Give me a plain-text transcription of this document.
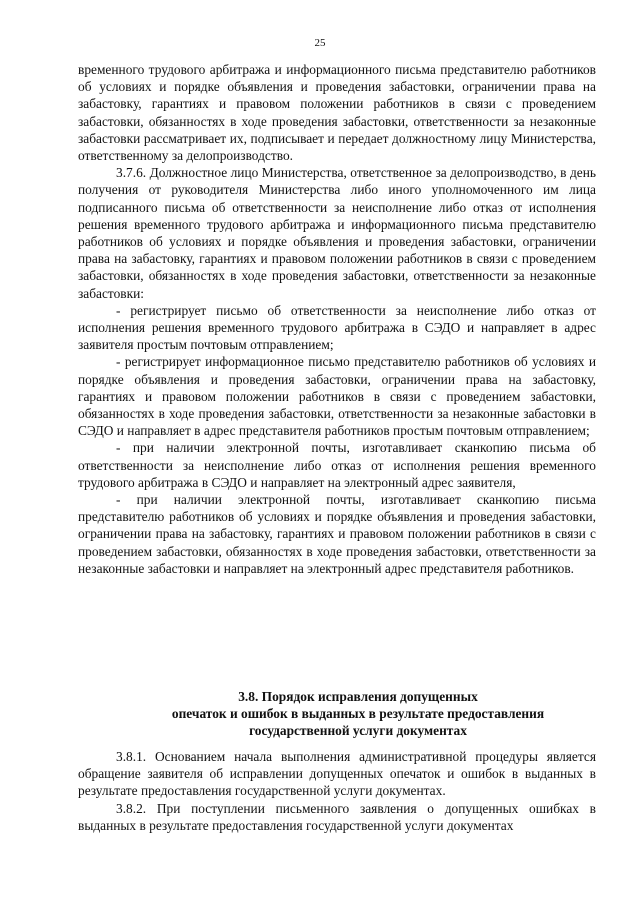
25

временного трудового арбитража и информационного письма представителю работников об условиях и порядке объявления и проведения забастовки, ограничении права на забастовку, гарантиях и правовом положении работников в связи с проведением забастовки, обязанностях в ходе проведения забастовки, ответственности за незаконные забастовки рассматривает их, подписывает и передает должностному лицу Министерства, ответственному за делопроизводство.

3.7.6. Должностное лицо Министерства, ответственное за делопроизводство, в день получения от руководителя Министерства либо иного уполномоченного им лица подписанного письма об ответственности за неисполнение либо отказ от исполнения решения временного трудового арбитража и информационного письма представителю работников об условиях и порядке объявления и проведения забастовки, ограничении права на забастовку, гарантиях и правовом положении работников в связи с проведением забастовки, обязанностях в ходе проведения забастовки, ответственности за незаконные забастовки:

- регистрирует письмо об ответственности за неисполнение либо отказ от исполнения решения временного трудового арбитража в СЭДО и направляет в адрес заявителя простым почтовым отправлением;

- регистрирует информационное письмо представителю работников об условиях и порядке объявления и проведения забастовки, ограничении права на забастовку, гарантиях и правовом положении работников в связи с проведением забастовки, обязанностях в ходе проведения забастовки, ответственности за незаконные забастовки в СЭДО и направляет в адрес представителя работников простым почтовым отправлением;

- при наличии электронной почты, изготавливает сканкопию письма об ответственности за неисполнение либо отказ от исполнения решения временного трудового арбитража в СЭДО и направляет на электронный адрес заявителя,

- при наличии электронной почты, изготавливает сканкопию письма представителю работников об условиях и порядке объявления и проведения забастовки, ограничении права на забастовку, гарантиях и правовом положении работников в связи с проведением забастовки, обязанностях в ходе проведения забастовки, ответственности за незаконные забастовки и направляет на электронный адрес представителя работников.

3.8. Порядок исправления допущенных
опечаток и ошибок в выданных в результате предоставления
государственной услуги документах

3.8.1. Основанием начала выполнения административной процедуры является обращение заявителя об исправлении допущенных опечаток и ошибок в выданных в результате предоставления государственной услуги документах.

3.8.2. При поступлении письменного заявления о допущенных ошибках в выданных в результате предоставления государственной услуги документах
